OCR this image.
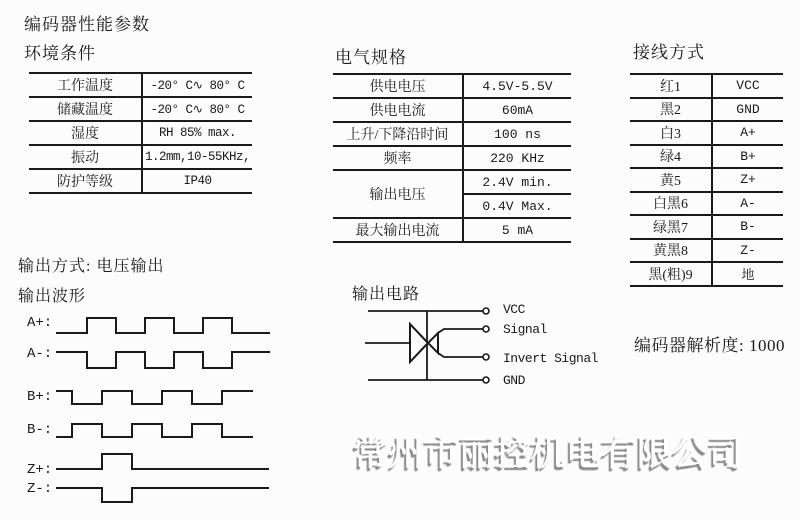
编码器性能参数
环境条件
工作温度	-20° C∿ 80° C
储藏温度	-20° C∿ 80° C
湿度	RH 85% max.
振动	1.2mm,10-55KHz,
防护等级	IP40
电气规格
供电电压	4.5V-5.5V
供电电流	60mA
上升/下降沿时间	100 ns
频率	220 KHz
输出电压	2.4V min.
	0.4V Max.
最大输出电流	5 mA
接线方式
红1	VCC
黑2	GND
白3	A+
绿4	B+
黄5	Z+
白黑6	A-
绿黑7	B-
黄黑8	Z-
黑(粗)9	地
输出方式: 电压输出
输出波形
A+:
A-:
B+:
B-:
Z+:
Z-:
输出电路
VCC
Signal
Invert Signal
GND
编码器解析度: 1000
常州市丽控机电有限公司
